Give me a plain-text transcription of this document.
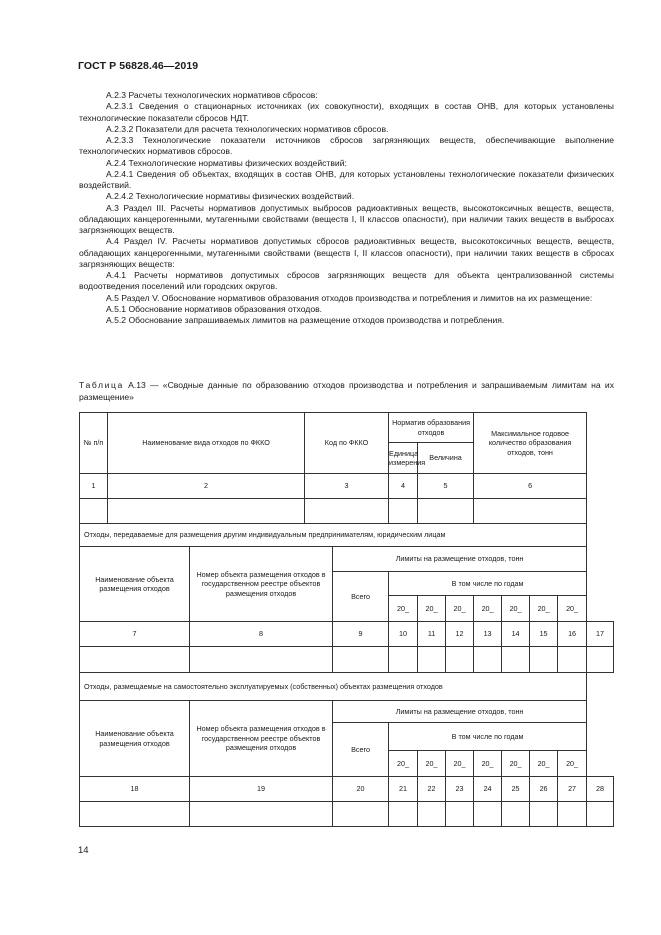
ГОСТ Р 56828.46—2019

А.2.3 Расчеты технологических нормативов сбросов:

А.2.3.1 Сведения о стационарных источниках (их совокупности), входящих в состав ОНВ, для которых установлены технологические показатели сбросов НДТ.

А.2.3.2 Показатели для расчета технологических нормативов сбросов.

А.2.3.3 Технологические показатели источников сбросов загрязняющих веществ, обеспечивающие выполнение технологических нормативов сбросов.

А.2.4 Технологические нормативы физических воздействий:

А.2.4.1 Сведения об объектах, входящих в состав ОНВ, для которых установлены технологические показатели физических воздействий.

А.2.4.2 Технологические нормативы физических воздействий.

А.3 Раздел III. Расчеты нормативов допустимых выбросов радиоактивных веществ, высокотоксичных веществ, веществ, обладающих канцерогенными, мутагенными свойствами (веществ I, II классов опасности), при наличии таких веществ в выбросах загрязняющих веществ.

А.4 Раздел IV. Расчеты нормативов допустимых сбросов радиоактивных веществ, высокотоксичных веществ, веществ, обладающих канцерогенными, мутагенными свойствами (веществ I, II классов опасности), при наличии таких веществ в сбросах загрязняющих веществ:

А.4.1 Расчеты нормативов допустимых сбросов загрязняющих веществ для объекта централизованной системы водоотведения поселений или городских округов.

А.5 Раздел V. Обоснование нормативов образования отходов производства и потребления и лимитов на их размещение:

А.5.1 Обоснование нормативов образования отходов.

А.5.2 Обоснование запрашиваемых лимитов на размещение отходов производства и потребления.

Таблица А.13 — «Сводные данные по образованию отходов производства и потребления и запрашиваемым лимитам на их размещение»
№ п/п	Наименование вида отходов по ФККО		Код по ФККО		Норматив образования отходов			Максимальное годовое количество образования отходов, тонн				
					Единица измерения	Величина						
1	2		3		4	5		6				

Отходы, передаваемые для размещения другим индивидуальным предпринимателям, юридическим лицам												
Наименование объекта размещения отходов		Номер объекта размещения отходов в государственном реестре объектов размещения отходов		Лимиты на размещение отходов, тонн								
				Всего	В том числе по годам							
					20_	20_	20_	20_	20_	20_	20_	
7		8		9	10	11	12	13	14	15	16	17

Отходы, размещаемые на самостоятельно эксплуатируемых (собственных) объектах размещения отходов												
Наименование объекта размещения отходов		Номер объекта размещения отходов в государственном реестре объектов размещения отходов		Лимиты на размещение отходов, тонн								
				Всего	В том числе по годам							
					20_	20_	20_	20_	20_	20_	20_	
18		19		20	21	22	23	24	25	26	27	28

14
